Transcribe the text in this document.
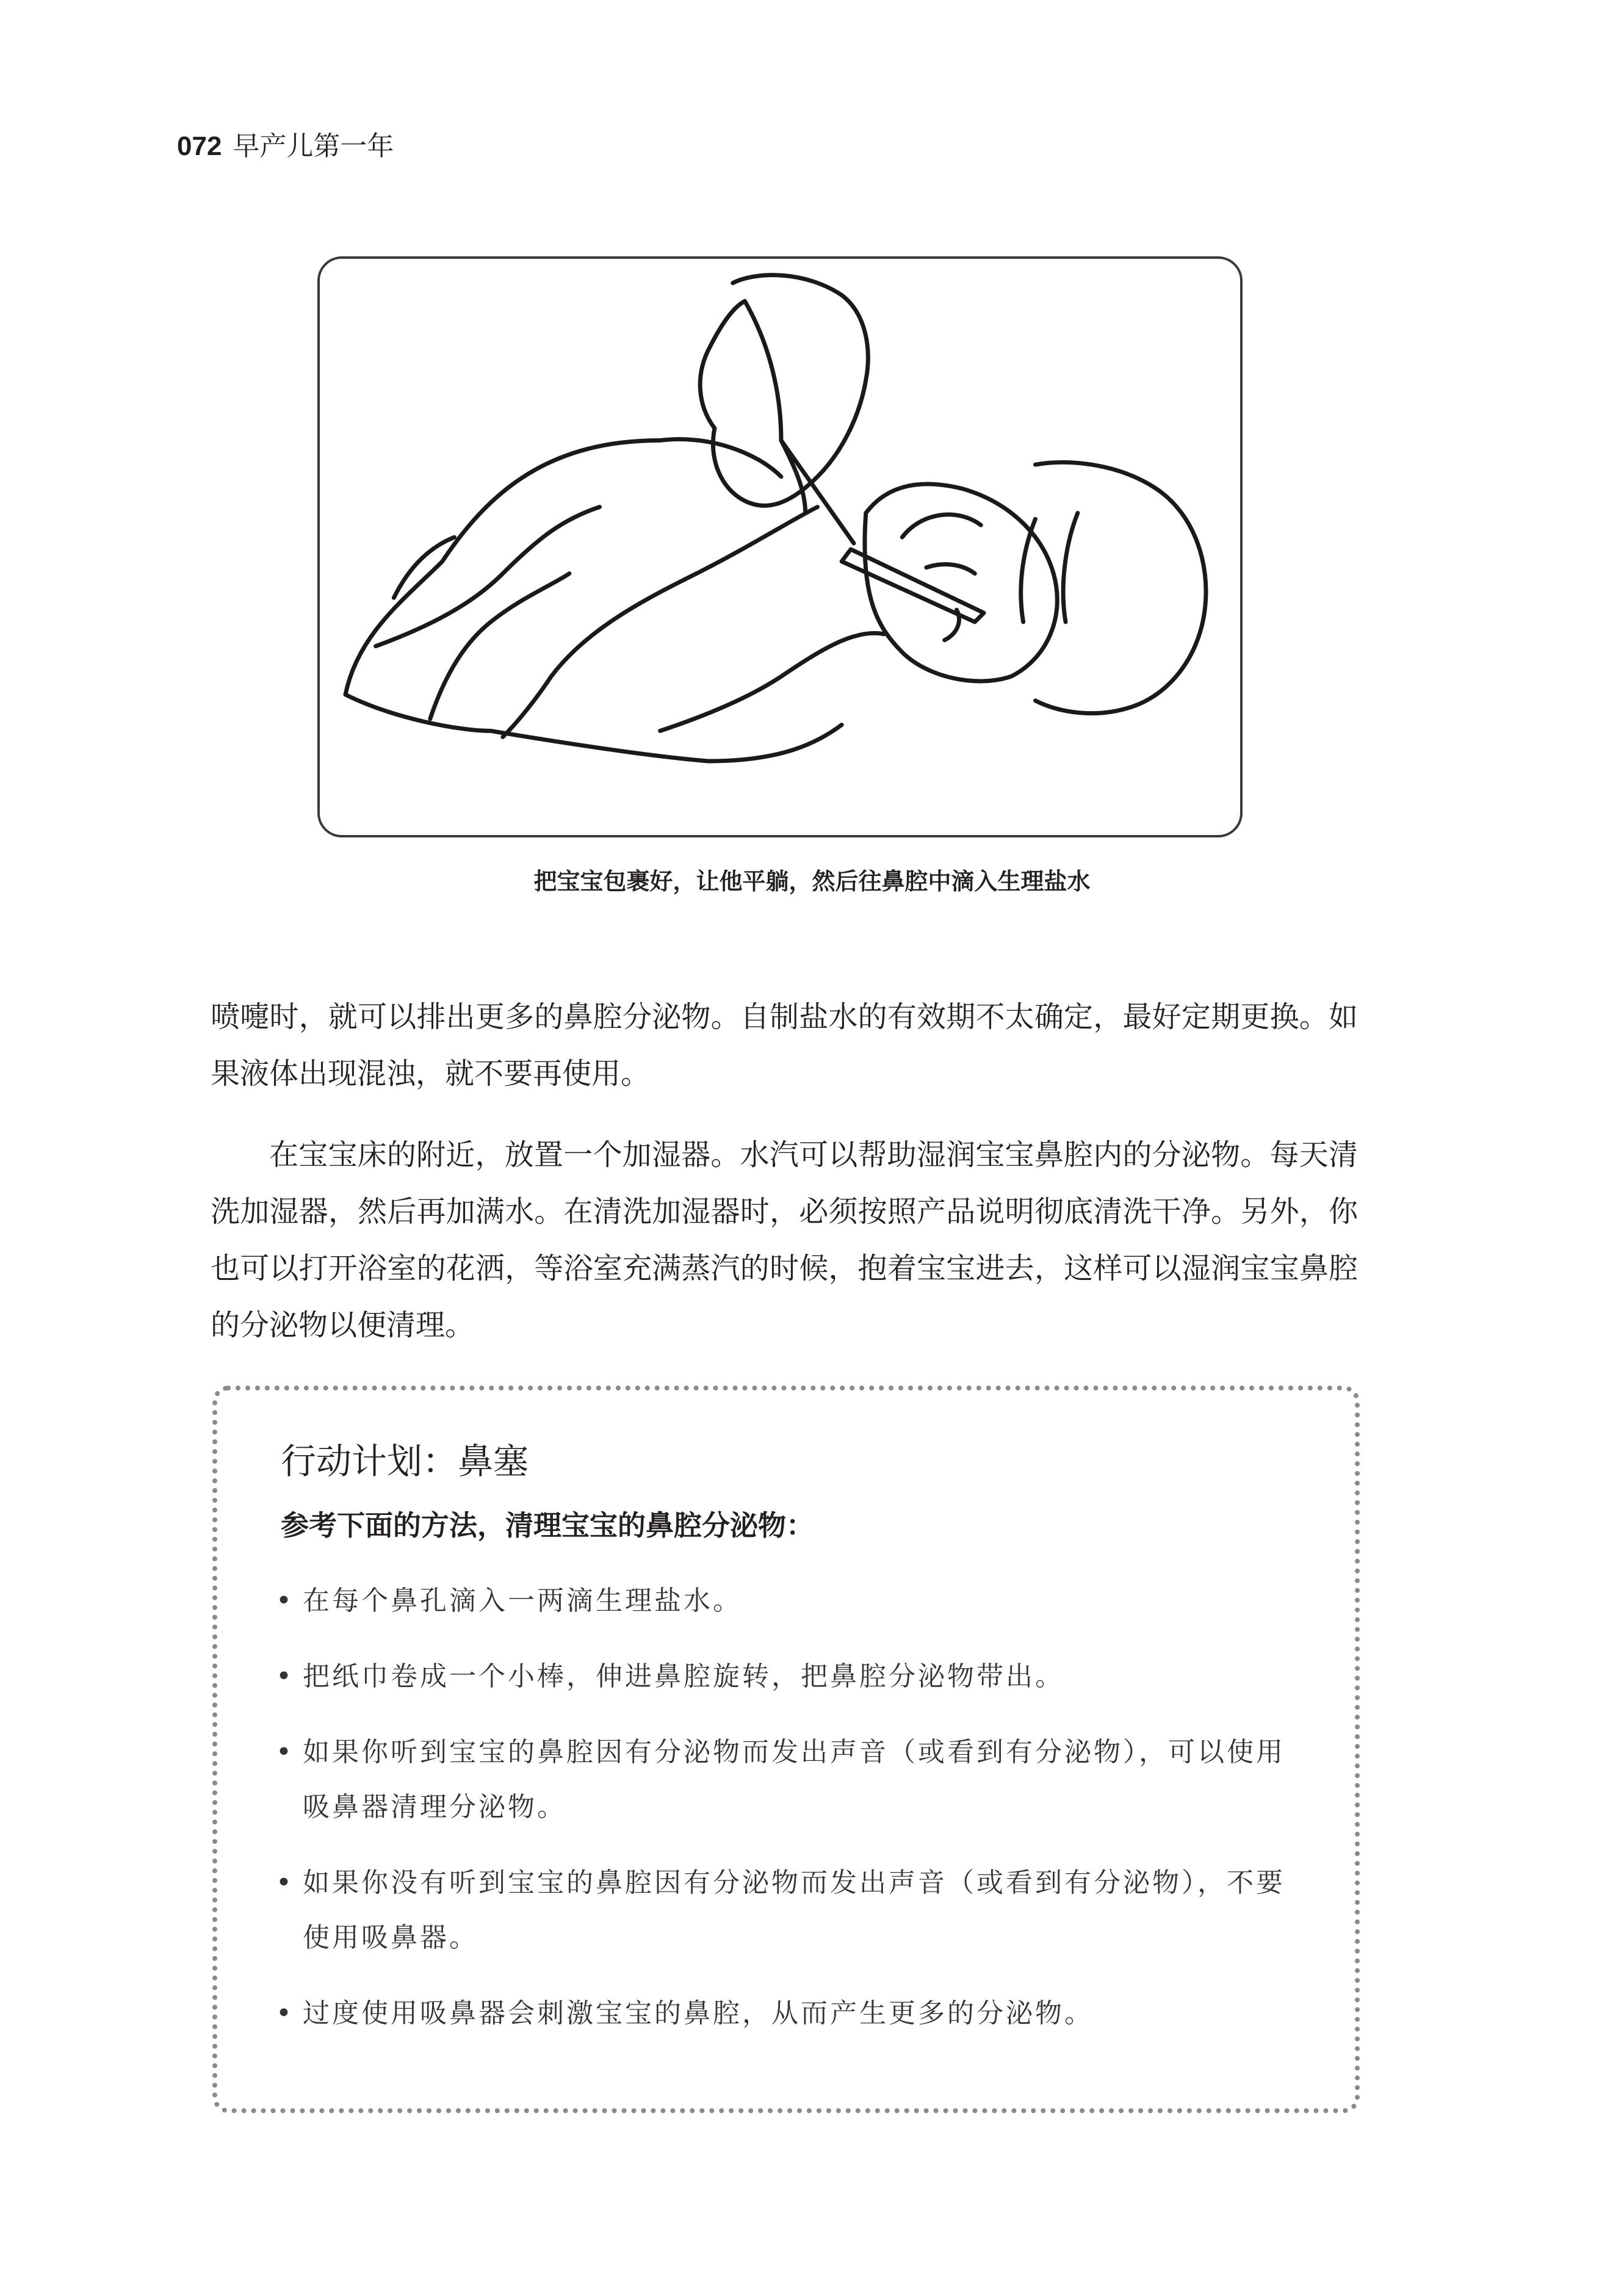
072 早产儿第一年
把宝宝包裹好，让他平躺，然后往鼻腔中滴入生理盐水

喷嚏时，就可以排出更多的鼻腔分泌物。自制盐水的有效期不太确定，最好定期更换。如果液体出现混浊，就不要再使用。

在宝宝床的附近，放置一个加湿器。水汽可以帮助湿润宝宝鼻腔内的分泌物。每天清洗加湿器，然后再加满水。在清洗加湿器时，必须按照产品说明彻底清洗干净。另外，你也可以打开浴室的花洒，等浴室充满蒸汽的时候，抱着宝宝进去，这样可以湿润宝宝鼻腔的分泌物以便清理。

行动计划：鼻塞

参考下面的方法，清理宝宝的鼻腔分泌物：

• 在每个鼻孔滴入一两滴生理盐水。
• 把纸巾卷成一个小棒，伸进鼻腔旋转，把鼻腔分泌物带出。
• 如果你听到宝宝的鼻腔因有分泌物而发出声音（或看到有分泌物），可以使用吸鼻器清理分泌物。
• 如果你没有听到宝宝的鼻腔因有分泌物而发出声音（或看到有分泌物），不要使用吸鼻器。
• 过度使用吸鼻器会刺激宝宝的鼻腔，从而产生更多的分泌物。
